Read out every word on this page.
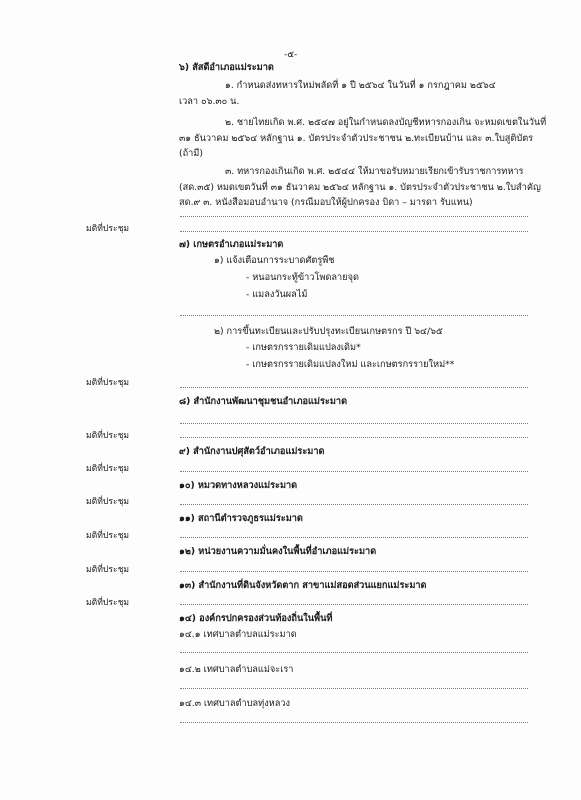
-๕-
๖) สัสดีอำเภอแม่ระมาด
๑. กำหนดส่งทหารใหม่พลัดที่ ๑ ปี ๒๕๖๔ ในวันที่ ๑ กรกฎาคม ๒๕๖๔
เวลา ๐๖.๓๐ น.
๒. ชายไทยเกิด พ.ศ. ๒๕๔๗ อยู่ในกำหนดลงบัญชีทหารกองเกิน จะหมดเขตในวันที่
๓๑ ธันวาคม ๒๕๖๔ หลักฐาน ๑. บัตรประจำตัวประชาชน ๒.ทะเบียนบ้าน และ ๓.ใบสูติบัตร
(ถ้ามี)
๓. ทหารกองเกินเกิด พ.ศ. ๒๕๔๔ ให้มาขอรับหมายเรียกเข้ารับราชการทหาร
(สด.๓๕) หมดเขตวันที่ ๓๑ ธันวาคม ๒๕๖๔ หลักฐาน ๑. บัตรประจำตัวประชาชน ๒.ใบสำคัญ
สด.๙ ๓. หนังสือมอบอำนาจ (กรณีมอบให้ผู้ปกครอง บิดา – มารดา รับแทน)
มติที่ประชุม
๗) เกษตรอำเภอแม่ระมาด
๑) แจ้งเตือนการระบาดศัตรูพืช
- หนอนกระทู้ข้าวโพดลายจุด
- แมลงวันผลไม้
๒) การขึ้นทะเบียนและปรับปรุงทะเบียนเกษตรกร ปี ๖๔/๖๕
- เกษตรกรรายเดิมแปลงเดิม*
- เกษตรกรรายเดิมแปลงใหม่ และเกษตรกรรายใหม่**
มติที่ประชุม
๘) สำนักงานพัฒนาชุมชนอำเภอแม่ระมาด
มติที่ประชุม
๙) สำนักงานปศุสัตว์อำเภอแม่ระมาด
มติที่ประชุม
๑๐) หมวดทางหลวงแม่ระมาด
มติที่ประชุม
๑๑) สถานีตำรวจภูธรแม่ระมาด
มติที่ประชุม
๑๒) หน่วยงานความมั่นคงในพื้นที่อำเภอแม่ระมาด
มติที่ประชุม
๑๓) สำนักงานที่ดินจังหวัดตาก สาขาแม่สอดส่วนแยกแม่ระมาด
มติที่ประชุม
๑๔) องค์กรปกครองส่วนท้องถิ่นในพื้นที่
๑๔.๑ เทศบาลตำบลแม่ระมาด
๑๔.๒ เทศบาลตำบลแม่จะเรา
๑๔.๓ เทศบาลตำบลทุ่งหลวง
